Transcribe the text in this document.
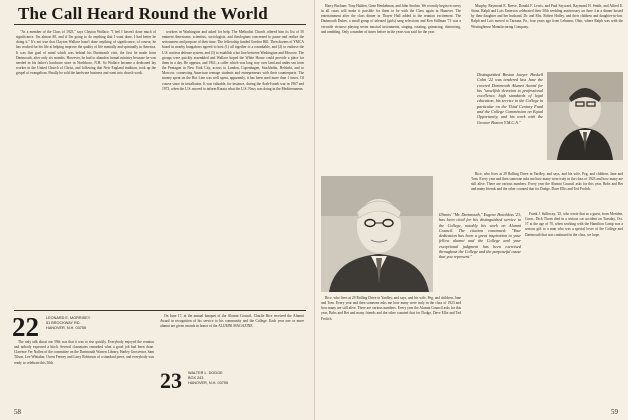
The Call Heard Round the World

"As a member of the Class of 1925," says Clayton Wallace, "I feel I haven't done much of significance. I'm almost 80, and if I'm going to do anything that I want done, I had better be doing it." It's not true that Clayton Wallace hasn't done anything of significance, of course, he has worked for his life at helping improve the quality of life mentally and spiritually in America. It was that goal of mind which was behind his Dartmouth visit, the first he made from Dartmouth, after only six months. However, he had to abandon formal ministry because he was needed in his father's hardware store in Northboro, N.H. So Wallace became a dedicated lay worker in the United Church of Christ, and following that New England tradition, took up the gospel of evangelism. Finally he sold the hardware business and went into church work.

workers in Washington and asked for help. The Methodist Church offered him its list of 50 eminent Americans: scientists, sociologists, and theologians concerned to pause and realize the seriousness and purpose of their time. The fellowship funded Gordon Hill. Then dozens of YMCA board in nearby bungalows agreed to host (1) all together to a roundtable, and (2) to endorse the U.S. nuclear defense system, and (3) to establish a hot line between Washington and Moscow. The groups were quickly assembled and Wallace hoped the White House could provide a place for them in a day. He appears, and 1961, a caller which was long way over land and under sea from the Pentagon in New York City, across to London, Copenhagen, Stockholm, Helsinki, and to Moscow, connecting American teenage students and entrepreneurs with their counterparts. The money spent on the Hot Line was well spent, apparently, it has been used more than 1 times. Of course since its installation. It was valuable, for instance, during the Arab-Israeli war in 1967 and 1973, when the U.S. moved to inform Russia what the U.S. Navy was doing in the Mediterranean.

22 LEONARD E. MORRISEY
51 BROCKWAY RD.
HANOVER, N.H. 03755

The only talk about our 59th was that it was to rise quickly. Everybody enjoyed the reunion and nobody expected a hitch. Several classmates remarked what a good job had been done. Clarence Ver Nollen of the committee on the Dartmouth Warren Library, Harley Grosvenor, Sam Tilson, Lee Whitaker, Owen Feeney and Larry Robinson of a standard piece, and everybody was ready to celebrate this 50th.

On June 17, at the annual banquet of the Alumni Council, Charlie Rice received the Alumni Award in recognition of his service to his community and the College. Each year one or more alumni are given awards in honor of the ALUMNI MAGAZINE.

58

Harry Buckner, Tony Halden, Gene Henkelman, and John Strohm. We recently begin recovery in all cases will make it possible for them to be with the Class again in Hanover. The entertainment after the class dinner in Thayer Hall added to the reunion excitement. The Dartmouth Dukes, a small group of talented (girls) sang selections and Ken Stillman '71 was a versatile virtuoso playing seven musical instruments, singing, rotating, grimacing, distracting, and rambling. Only a number of times before in the years was said for the year.

Murphy, Raymond E. Reeve, Donald F. Lewis, and Paul Sayward, Raymond H. Smith, and Alfred E. Stone. Ralph and Lois Emerson celebrated their 50th wedding anniversary on June 4 at a dinner hosted by their daughter and her husband, Dr. and Mrs. Robert Hulley, and their children and daughter-in-law. Ralph and Lois moved to Tarzana, Pa., four years ago from Lebanon, Ohio, where Ralph was with the Westinghouse Manufacturing Company.

Distinguished Boston lawyer Haskell Cohn '22 was tendered last June the coveted Dartmouth Alumni Award for his "unselfish devotion to professional excellence, high standards of legal education, his service to the College in particular on the Third Century Fund and the College Commission on Equal Opportunity, and his work with the Greater Boston Y.M.C.A."
Illinois' "Mr. Dartmouth," Eugene Hotchkiss '23, has been cited for his distinguished service to the College, notably his work on Alumni Council. The citation continued: "Your dedication has been a great inspiration to your fellow alumni and the College and your exceptional judgment has been exercised throughout the College and the purposeful cause that you represent."

Rice, who lives at 29 Rolling Drive in Yardley, and says, and his wife, Peg, and children, Jane and Tom. Every year and then someone asks me how many were truly in the class of 1923 and how many are still alive. There are various numbers. Every year the Alumni Council asks for this year, Bobs and Bet and many friends and the other counted that for Dodge, Dave Ellis and Ted Frolich.

Rice, who lives at 29 Rolling Drive in Yardley, and says, and his wife, Peg, and children, Jane and Tom. Every year and then someone asks me how many were truly in the class of 1923 and how many are still alive. There are various numbers. Every year the Alumni Council asks for this year, Bobs and Bet and many friends and the other counted that for Dodge, Dave Ellis and Ted Frolich.

Frank J. Sulloway, '25, who wrote that as a guest, from Meriden, Conn., Dick Thorn died in a serious car accident on Tuesday, Oct. 17 at the age of 70, when working with the Hamilton Camp was a serious gift to a man who was a special lover of the College and Dartmouth that was continued in the class, we hope.

59
23	WALTER L. DODGE
BOX 243
HANOVER, N.H. 03755
